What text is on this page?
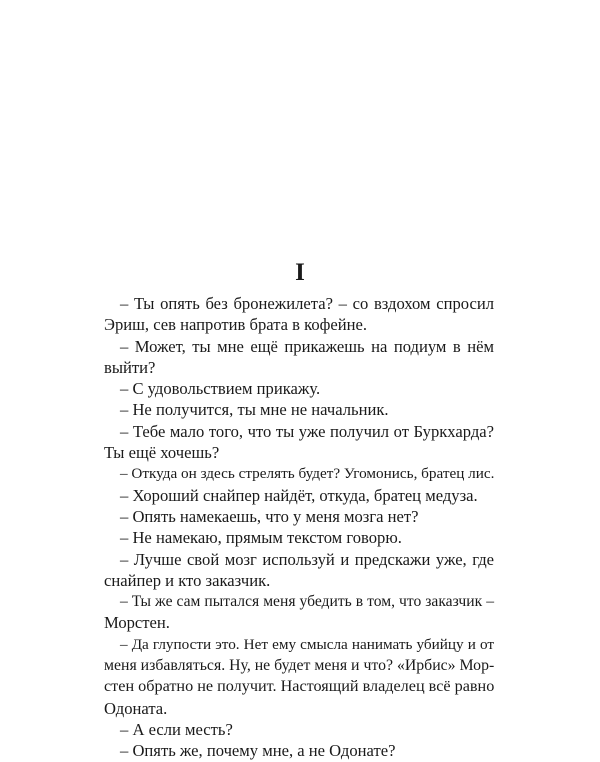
I
– Ты опять без бронежилета? – со вздохом спросил
Эриш, сев напротив брата в кофейне.
– Может, ты мне ещё прикажешь на подиум в нём
выйти?
– С удовольствием прикажу.
– Не получится, ты мне не начальник.
– Тебе мало того, что ты уже получил от Буркхарда?
Ты ещё хочешь?
– Откуда он здесь стрелять будет? Угомонись, братец лис.
– Хороший снайпер найдёт, откуда, братец медуза.
– Опять намекаешь, что у меня мозга нет?
– Не намекаю, прямым текстом говорю.
– Лучше свой мозг используй и предскажи уже, где
снайпер и кто заказчик.
– Ты же сам пытался меня убедить в том, что заказчик –
Морстен.
– Да глупости это. Нет ему смысла нанимать убийцу и от
меня избавляться. Ну, не будет меня и что? «Ирбис» Мор-
стен обратно не получит. Настоящий владелец всё равно
Одоната.
– А если месть?
– Опять же, почему мне, а не Одонате?
